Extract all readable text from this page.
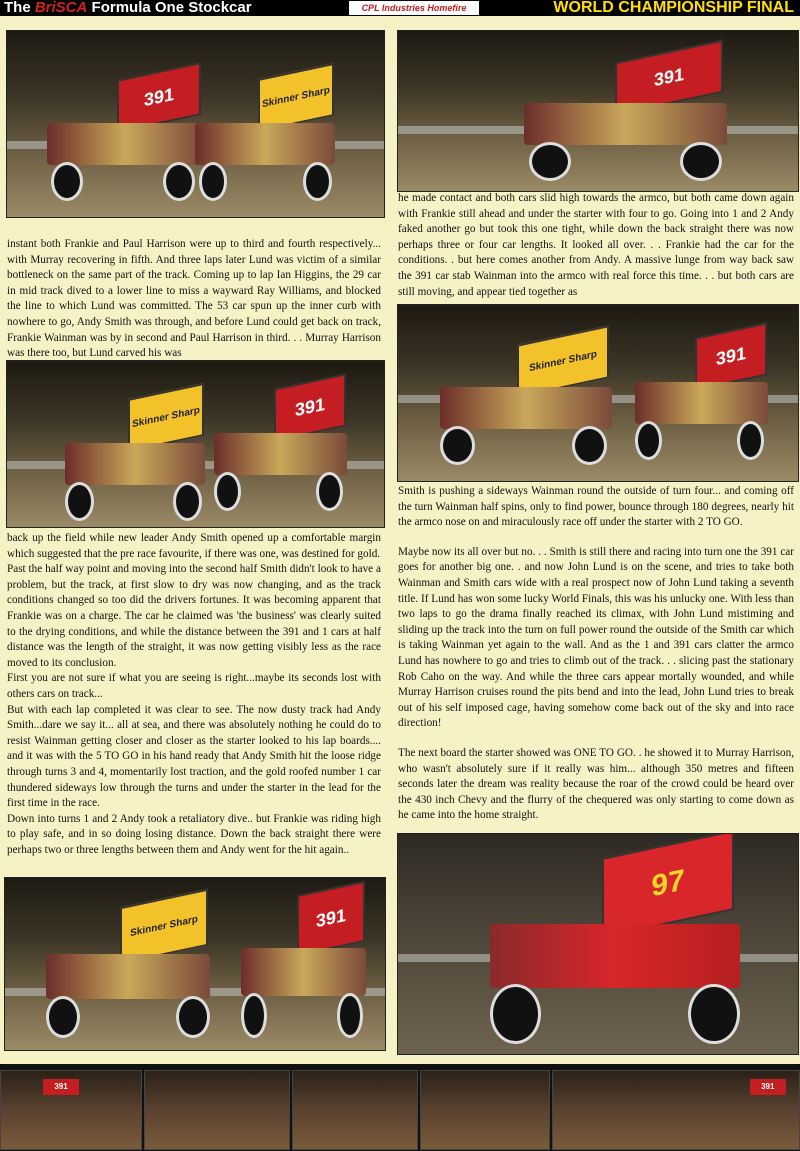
The BriSCA Formula One Stockcar	CPL Industries Homefire	WORLD CHAMPIONSHIP FINAL
391	Skinner Sharp
391

instant both Frankie and Paul Harrison were up to third and fourth respectively... with Murray recovering in fifth. And three laps later Lund was victim of a similar bottleneck on the same part of the track. Coming up to lap Ian Higgins, the 29 car in mid track dived to a lower line to miss a wayward Ray Williams, and blocked the line to which Lund was committed. The 53 car spun up the inner curb with nowhere to go, Andy Smith was through, and before Lund could get back on track, Frankie Wainman was by in second and Paul Harrison in third. . . Murray Harrison was there too, but Lund carved his was

he made contact and both cars slid high towards the armco, but both came down again with Frankie still ahead and under the starter with four to go. Going into 1 and 2 Andy faked another go but took this one tight, while down the back straight there was now perhaps three or four car lengths. It looked all over. . . Frankie had the car for the conditions. . but here comes another from Andy. A massive lunge from way back saw the 391 car stab Wainman into the armco with real force this time. . . but both cars are still moving, and appear tied together as

Skinner Sharp	391
Skinner Sharp	391

back up the field while new leader Andy Smith opened up a comfortable margin which suggested that the pre race favourite, if there was one, was destined for gold.

Past the half way point and moving into the second half Smith didn't look to have a problem, but the track, at first slow to dry was now changing, and as the track conditions changed so too did the drivers fortunes. It was becoming apparent that Frankie was on a charge. The car he claimed was 'the business' was clearly suited to the drying conditions, and while the distance between the 391 and 1 cars at half distance was the length of the straight, it was now getting visibly less as the race moved to its conclusion.

First you are not sure if what you are seeing is right...maybe its seconds lost with others cars on track...

But with each lap completed it was clear to see. The now dusty track had Andy Smith...dare we say it... all at sea, and there was absolutely nothing he could do to resist Wainman getting closer and closer as the starter looked to his lap boards.... and it was with the 5 TO GO in his hand ready that Andy Smith hit the loose ridge through turns 3 and 4, momentarily lost traction, and the gold roofed number 1 car thundered sideways low through the turns and under the starter in the lead for the first time in the race.

Down into turns 1 and 2 Andy took a retaliatory dive.. but Frankie was riding high to play safe, and in so doing losing distance. Down the back straight there were perhaps two or three lengths between them and Andy went for the hit again..

Smith is pushing a sideways Wainman round the outside of turn four... and coming off the turn Wainman half spins, only to find power, bounce through 180 degrees, nearly hit the armco nose on and miraculously race off under the starter with 2 TO GO.

Maybe now its all over but no. . . Smith is still there and racing into turn one the 391 car goes for another big one. . and now John Lund is on the scene, and tries to take both Wainman and Smith cars wide with a real prospect now of John Lund taking a seventh title. If Lund has won some lucky World Finals, this was his unlucky one. With less than two laps to go the drama finally reached its climax, with John Lund mistiming and sliding up the track into the turn on full power round the outside of the Smith car which is taking Wainman yet again to the wall. And as the 1 and 391 cars clatter the armco Lund has nowhere to go and tries to climb out of the track. . . slicing past the stationary Rob Caho on the way. And while the three cars appear mortally wounded, and while Murray Harrison cruises round the pits bend and into the lead, John Lund tries to break out of his self imposed cage, having somehow come back out of the sky and into race direction!

The next board the starter showed was ONE TO GO. . he showed it to Murray Harrison, who wasn't absolutely sure if it really was him... although 350 metres and fifteen seconds later the dream was reality because the roar of the crowd could be heard over the 430 inch Chevy and the flurry of the chequered was only starting to come down as he came into the home straight.

Skinner Sharp	391
97
391	391
